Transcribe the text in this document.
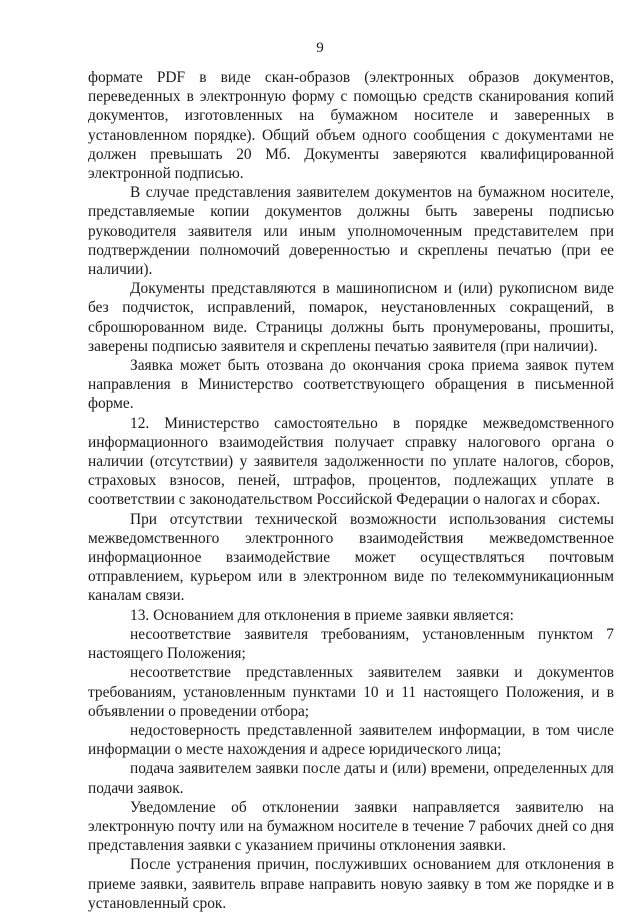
9

формате PDF в виде скан-образов (электронных образов документов, переведенных в электронную форму с помощью средств сканирования копий документов, изготовленных на бумажном носителе и заверенных в установленном порядке). Общий объем одного сообщения с документами не должен превышать 20 Мб. Документы заверяются квалифицированной электронной подписью.

В случае представления заявителем документов на бумажном носителе, представляемые копии документов должны быть заверены подписью руководителя заявителя или иным уполномоченным представителем при подтверждении полномочий доверенностью и скреплены печатью (при ее наличии).

Документы представляются в машинописном и (или) рукописном виде без подчисток, исправлений, помарок, неустановленных сокращений, в сброшюрованном виде. Страницы должны быть пронумерованы, прошиты, заверены подписью заявителя и скреплены печатью заявителя (при наличии).

Заявка может быть отозвана до окончания срока приема заявок путем направления в Министерство соответствующего обращения в письменной форме.

12. Министерство самостоятельно в порядке межведомственного информационного взаимодействия получает справку налогового органа о наличии (отсутствии) у заявителя задолженности по уплате налогов, сборов, страховых взносов, пеней, штрафов, процентов, подлежащих уплате в соответствии с законодательством Российской Федерации о налогах и сборах.

При отсутствии технической возможности использования системы межведомственного электронного взаимодействия межведомственное информационное взаимодействие может осуществляться почтовым отправлением, курьером или в электронном виде по телекоммуникационным каналам связи.

13. Основанием для отклонения в приеме заявки является:

несоответствие заявителя требованиям, установленным пунктом 7 настоящего Положения;

несоответствие представленных заявителем заявки и документов требованиям, установленным пунктами 10 и 11 настоящего Положения, и в объявлении о проведении отбора;

недостоверность представленной заявителем информации, в том числе информации о месте нахождения и адресе юридического лица;

подача заявителем заявки после даты и (или) времени, определенных для подачи заявок.

Уведомление об отклонении заявки направляется заявителю на электронную почту или на бумажном носителе в течение 7 рабочих дней со дня представления заявки с указанием причины отклонения заявки.

После устранения причин, послуживших основанием для отклонения в приеме заявки, заявитель вправе направить новую заявку в том же порядке и в установленный срок.
